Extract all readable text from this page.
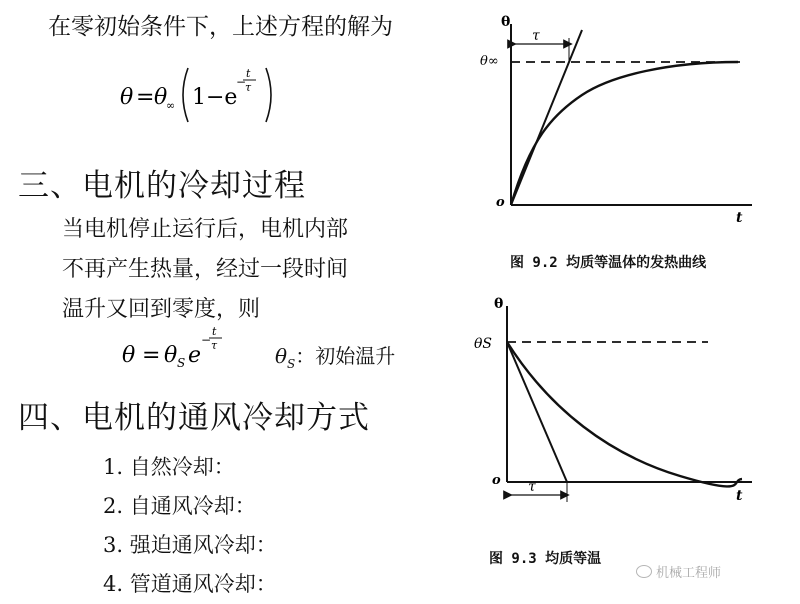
在零初始条件下，上述方程的解为
θ = θ
∞ 1−e
−
t
τ
三、电机的冷却过程
当电机停止运行后，电机内部
不再产生热量，经过一段时间
温升又回到零度，则
θ = θ S e
−
t
τ	$\theta_S$：初始温升
四、电机的通风冷却方式
1. 自然冷却：
2. 自通风冷却：
3. 强迫通风冷却：
4. 管道通风冷却：
θ
t
o
θ∞
τ
图 9.2 均质等温体的发热曲线
θ
t
o
θS
τ
图 9.3 均质等温
机械工程师
